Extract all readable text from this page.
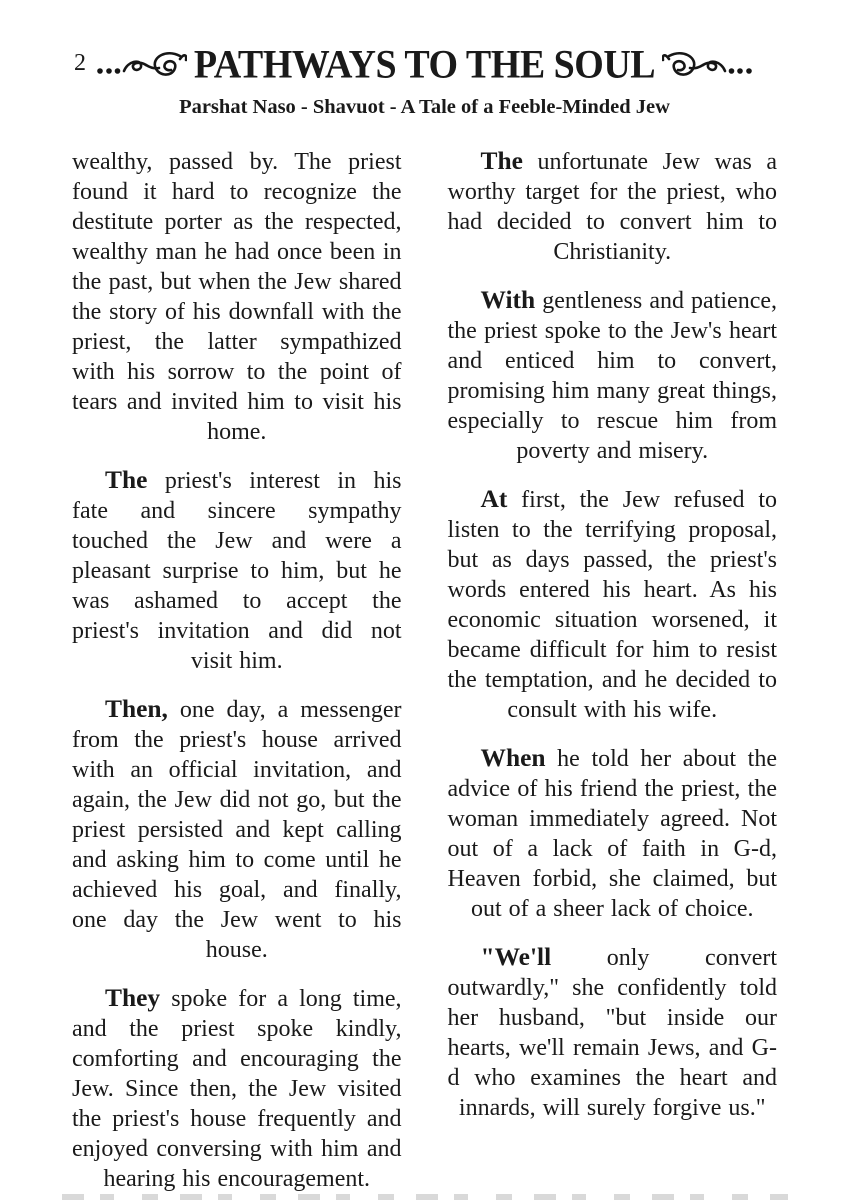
2	PATHWAYS TO THE SOUL
Parshat Naso - Shavuot - A Tale of a Feeble-Minded Jew

wealthy, passed by. The priest found it hard to recognize the destitute porter as the respected, wealthy man he had once been in the past, but when the Jew shared the story of his downfall with the priest, the latter sympathized with his sorrow to the point of tears and invited him to visit his home.

The priest's interest in his fate and sincere sympathy touched the Jew and were a pleasant surprise to him, but he was ashamed to accept the priest's invitation and did not visit him.

Then, one day, a messenger from the priest's house arrived with an official invitation, and again, the Jew did not go, but the priest persisted and kept calling and asking him to come until he achieved his goal, and finally, one day the Jew went to his house.

They spoke for a long time, and the priest spoke kindly, comforting and encouraging the Jew. Since then, the Jew visited the priest's house frequently and enjoyed conversing with him and hearing his encouragement.

The unfortunate Jew was a worthy target for the priest, who had decided to convert him to Christianity.

With gentleness and patience, the priest spoke to the Jew's heart and enticed him to convert, promising him many great things, especially to rescue him from poverty and misery.

At first, the Jew refused to listen to the terrifying proposal, but as days passed, the priest's words entered his heart. As his economic situation worsened, it became difficult for him to resist the temptation, and he decided to consult with his wife.

When he told her about the advice of his friend the priest, the woman immediately agreed. Not out of a lack of faith in G-d, Heaven forbid, she claimed, but out of a sheer lack of choice.

"We'll only convert outwardly," she confidently told her husband, "but inside our hearts, we'll remain Jews, and G-d who examines the heart and innards, will surely forgive us."
